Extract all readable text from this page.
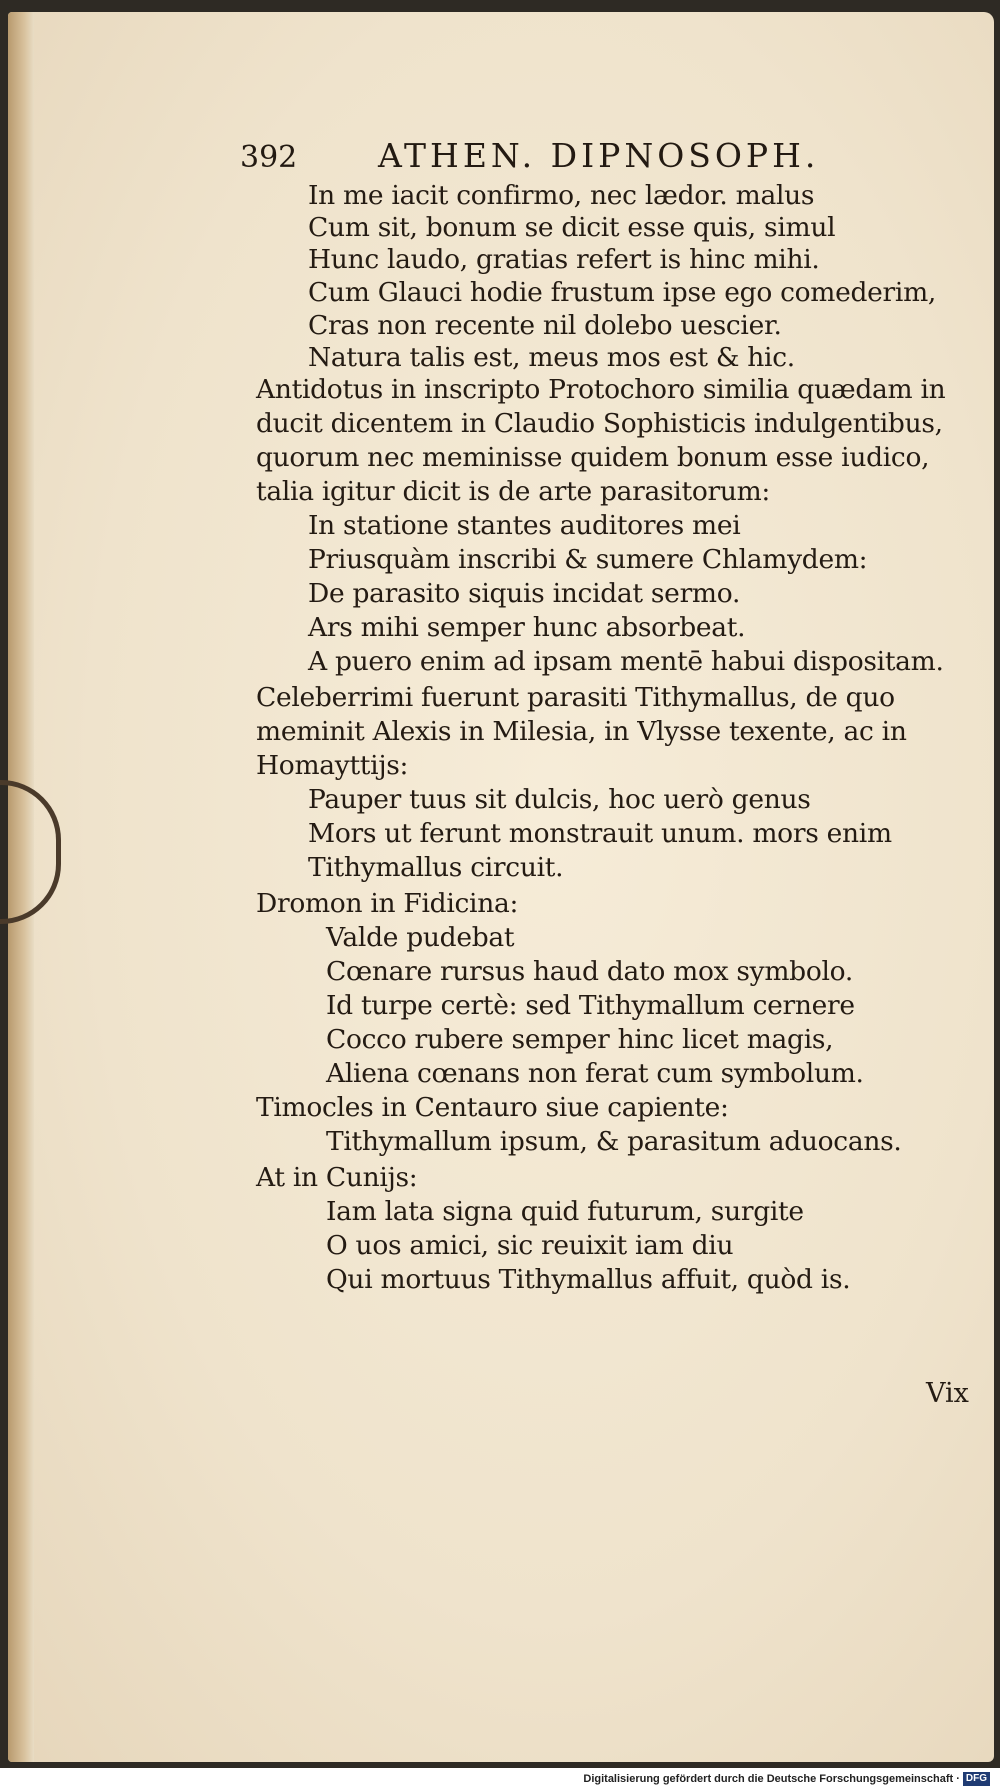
392 ATHEN. DIPNOSOPH.
In me iacit confirmo, nec lædor. malus
Cum sit, bonum se dicit esse quis, simul
Hunc laudo, gratias refert is hinc mihi.
Cum Glauci hodie frustum ipse ego comederim,
Cras non recente nil dolebo uescier.
Natura talis est, meus mos est & hic.
Antidotus in inscripto Protochoro similia quædam in
ducit dicentem in Claudio Sophisticis indulgentibus,
quorum nec meminisse quidem bonum esse iudico,
talia igitur dicit is de arte parasitorum:
In statione stantes auditores mei
Priusquàm inscribi & sumere Chlamydem:
De parasito siquis incidat sermo.
Ars mihi semper hunc absorbeat.
A puero enim ad ipsam mentē habui dispositam.
Celeberrimi fuerunt parasiti Tithymallus, de quo
meminit Alexis in Milesia, in Vlysse texente, ac in
Homayttijs:
Pauper tuus sit dulcis, hoc uerò genus
Mors ut ferunt monstrauit unum. mors enim
Tithymallus circuit.
Dromon in Fidicina:
Valde pudebat
Cœnare rursus haud dato mox symbolo.
Id turpe certè: sed Tithymallum cernere
Cocco rubere semper hinc licet magis,
Aliena cœnans non ferat cum symbolum.
Timocles in Centauro siue capiente:
Tithymallum ipsum, & parasitum aduocans.
At in Cunijs:
Iam lata signa quid futurum, surgite
O uos amici, sic reuixit iam diu
Qui mortuus Tithymallus affuit, quòd is.
Vix
Digitalisierung gefördert durch die Deutsche Forschungsgemeinschaft · DFG
